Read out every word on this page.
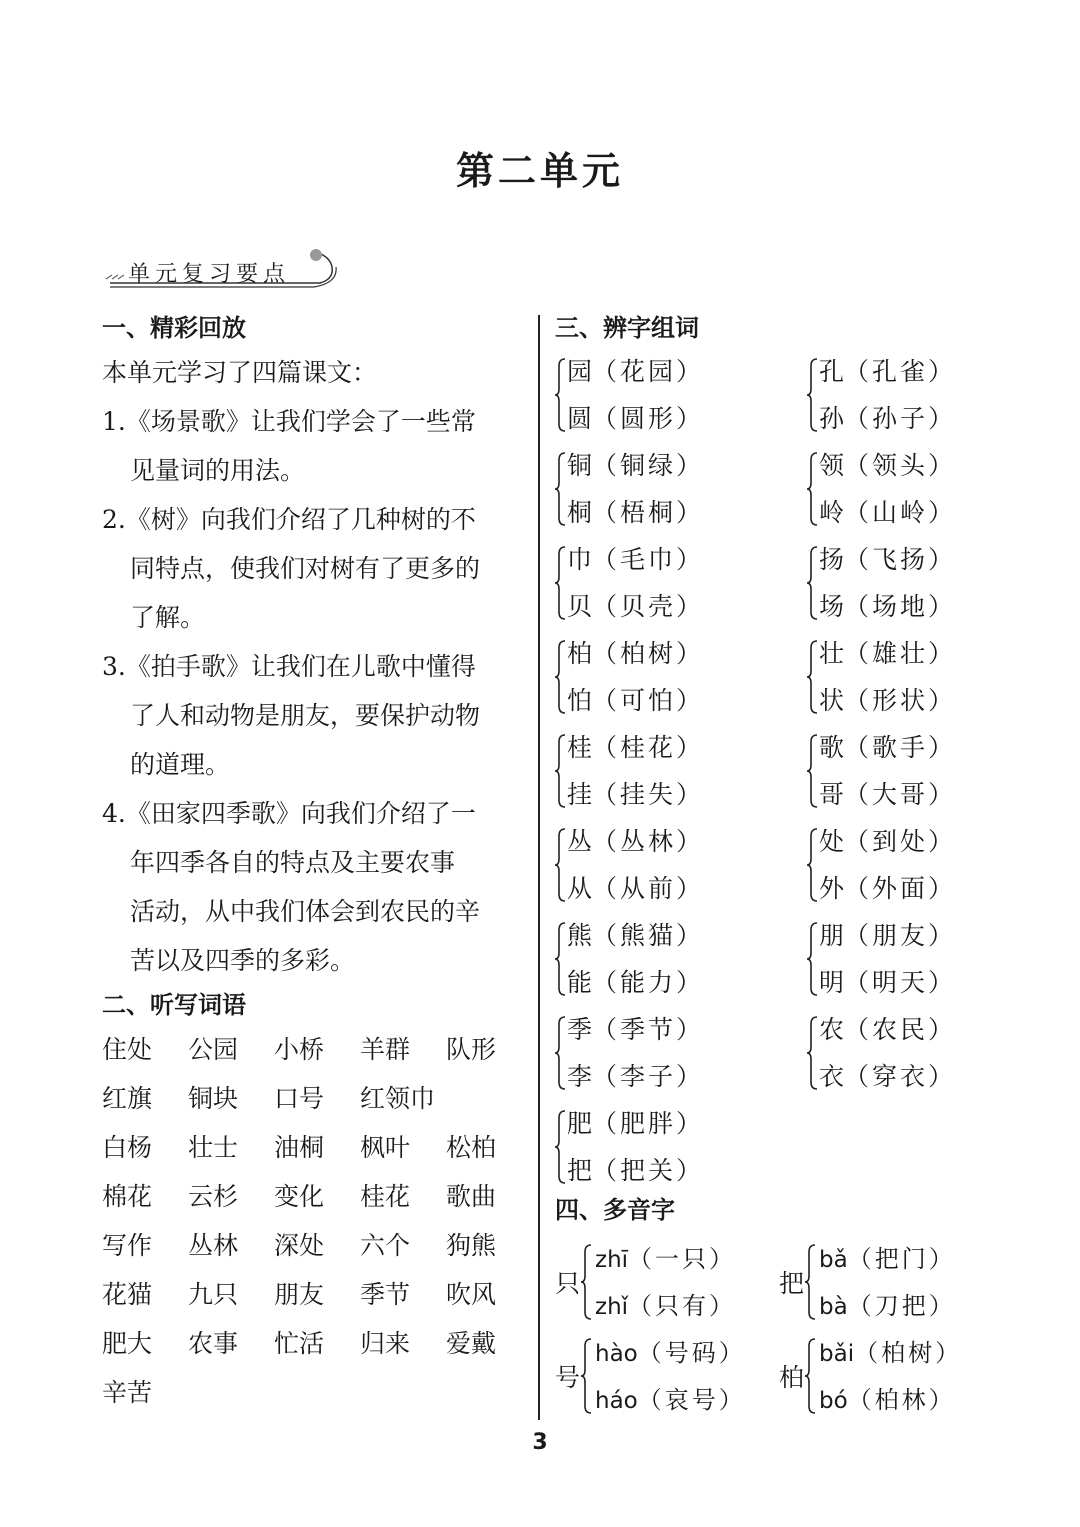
第二单元
单元复习要点
一、精彩回放
本单元学习了四篇课文：
1.《场景歌》让我们学会了一些常
见量词的用法。
2.《树》向我们介绍了几种树的不
同特点，使我们对树有了更多的
了解。
3.《拍手歌》让我们在儿歌中懂得
了人和动物是朋友，要保护动物
的道理。
4.《田家四季歌》向我们介绍了一
年四季各自的特点及主要农事
活动，从中我们体会到农民的辛
苦以及四季的多彩。
二、听写词语
住处	公园	小桥	羊群	队形
红旗	铜块	口号	红领巾
白杨	壮士	油桐	枫叶	松柏
棉花	云杉	变化	桂花	歌曲
写作	丛林	深处	六个	狗熊
花猫	九只	朋友	季节	吹风
肥大	农事	忙活	归来	爱戴
辛苦
三、辨字组词
园（花园）
圆（圆形）
铜（铜绿）
桐（梧桐）
巾（毛巾）
贝（贝壳）
柏（柏树）
怕（可怕）
桂（桂花）
挂（挂失）
丛（丛林）
从（从前）
熊（熊猫）
能（能力）
季（季节）
李（李子）
肥（肥胖）
把（把关）
孔（孔雀）
孙（孙子）
领（领头）
岭（山岭）
扬（飞扬）
场（场地）
壮（雄壮）
状（形状）
歌（歌手）
哥（大哥）
处（到处）
外（外面）
朋（朋友）
明（明天）
农（农民）
衣（穿衣）
四、多音字
只
zhī（一只）
zhǐ（只有）
把
bǎ（把门）
bà（刀把）
号
hào（号码）
háo（哀号）
柏
bǎi（柏树）
bó（柏林）
3
